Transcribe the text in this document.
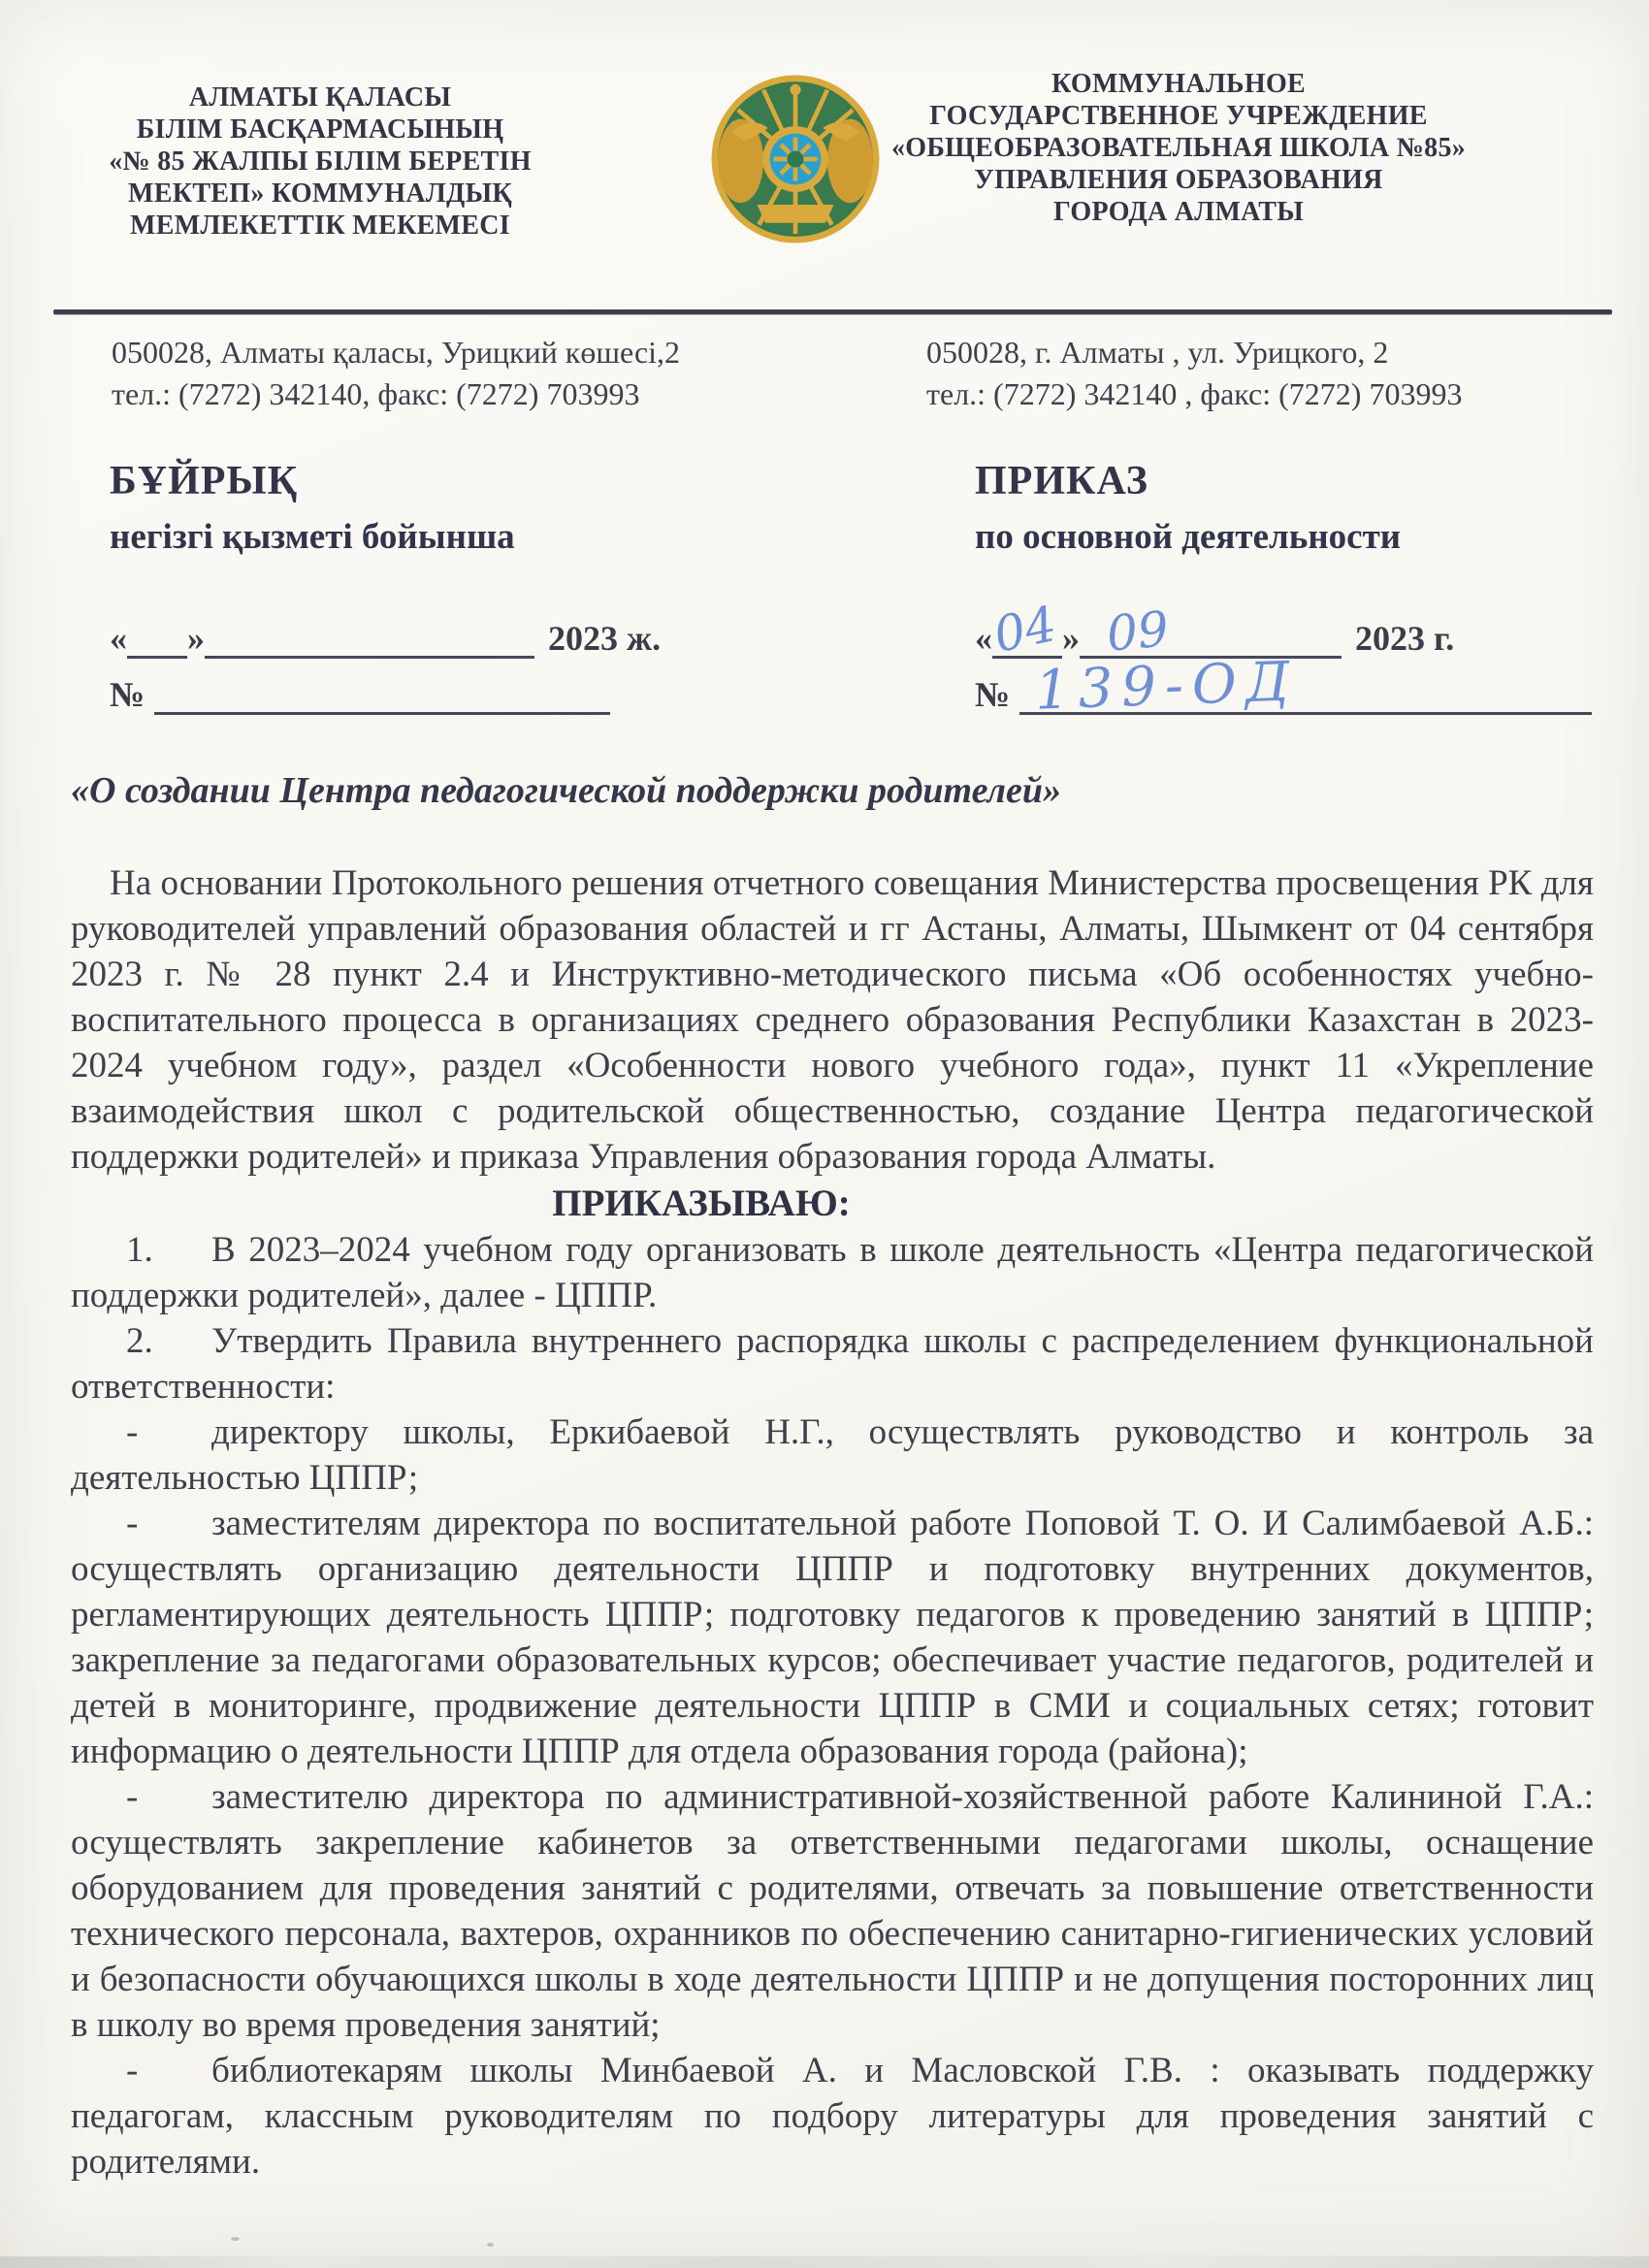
АЛМАТЫ ҚАЛАСЫ
БІЛІМ БАСҚАРМАСЫНЫҢ
«№ 85 ЖАЛПЫ БІЛІМ БЕРЕТІН
МЕКТЕП» КОММУНАЛДЫҚ
МЕМЛЕКЕТТІК МЕКЕМЕСІ
КОММУНАЛЬНОЕ
ГОСУДАРСТВЕННОЕ УЧРЕЖДЕНИЕ
«ОБЩЕОБРАЗОВАТЕЛЬНАЯ ШКОЛА №85»
УПРАВЛЕНИЯ ОБРАЗОВАНИЯ
ГОРОДА АЛМАТЫ
050028, Алматы қаласы, Урицкий көшесі,2
тел.: (7272) 342140, факс: (7272) 703993
050028, г. Алматы , ул. Урицкого, 2
тел.: (7272) 342140 , факс: (7272) 703993
БҰЙРЫҚ
негізгі қызметі бойынша
« »	2023 ж.
№
ПРИКАЗ
по основной деятельности
«
04 » 09	2023 г.
№ 139-ОД
«О создании Центра педагогической поддержки родителей»
На основании Протокольного решения отчетного совещания Министерства просвещения РК для руководителей управлений образования областей и гг Астаны, Алматы, Шымкент от 04 сентября 2023 г. № 28 пункт 2.4 и Инструктивно-методического письма «Об особенностях учебно-воспитательного процесса в организациях среднего образования Республики Казахстан в 2023-2024 учебном году», раздел «Особенности нового учебного года», пункт 11 «Укрепление взаимодействия школ с родительской общественностью, создание Центра педагогической поддержки родителей» и приказа Управления образования города Алматы.
ПРИКАЗЫВАЮ:
1. В 2023–2024 учебном году организовать в школе деятельность «Центра педагогической поддержки родителей», далее - ЦППР.
2. Утвердить Правила внутреннего распорядка школы с распределением функциональной ответственности:
- директору школы, Еркибаевой Н.Г., осуществлять руководство и контроль за деятельностью ЦППР;
- заместителям директора по воспитательной работе Поповой Т. О. И Салимбаевой А.Б.: осуществлять организацию деятельности ЦППР и подготовку внутренних документов, регламентирующих деятельность ЦППР; подготовку педагогов к проведению занятий в ЦППР; закрепление за педагогами образовательных курсов; обеспечивает участие педагогов, родителей и детей в мониторинге, продвижение деятельности ЦППР в СМИ и социальных сетях; готовит информацию о деятельности ЦППР для отдела образования города (района);
- заместителю директора по административной-хозяйственной работе Калининой Г.А.: осуществлять закрепление кабинетов за ответственными педагогами школы, оснащение оборудованием для проведения занятий с родителями, отвечать за повышение ответственности технического персонала, вахтеров, охранников по обеспечению санитарно-гигиенических условий и безопасности обучающихся школы в ходе деятельности ЦППР и не допущения посторонних лиц в школу во время проведения занятий;
- библиотекарям школы Минбаевой А. и Масловской Г.В. : оказывать поддержку педагогам, классным руководителям по подбору литературы для проведения занятий с родителями.
